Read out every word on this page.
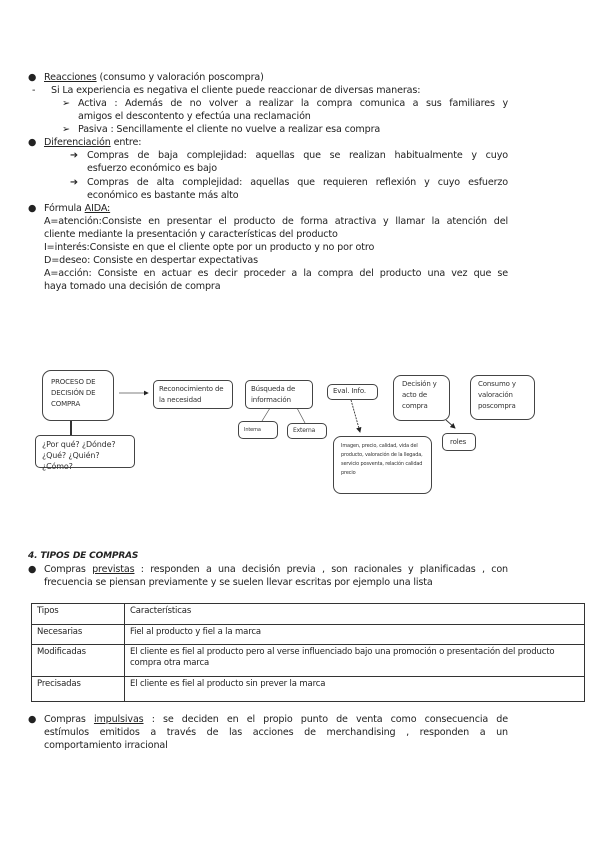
● Reacciones (consumo y valoración poscompra)
- Si La experiencia es negativa el cliente puede reaccionar de diversas maneras:
➢ Activa : Además de no volver a realizar la compra comunica a sus familiares y
amigos el descontento y efectúa una reclamación
➢ Pasiva : Sencillamente el cliente no vuelve a realizar esa compra
● Diferenciación entre:
➔ Compras de baja complejidad: aquellas que se realizan habitualmente y cuyo
esfuerzo económico es bajo
➔ Compras de alta complejidad: aquellas que requieren reflexión y cuyo esfuerzo
económico es bastante más alto
● Fórmula AIDA:
A=atención:Consiste en presentar el producto de forma atractiva y llamar la atención del
cliente mediante la presentación y características del producto
I=interés:Consiste en que el cliente opte por un producto y no por otro
D=deseo: Consiste en despertar expectativas
A=acción: Consiste en actuar es decir proceder a la compra del producto una vez que se
haya tomado una decisión de compra
PROCESO DE DECISIÓN DE COMPRA
¿Por qué? ¿Dónde?
¿Qué? ¿Quién? ¿Cómo?
Reconocimiento de la necesidad
Búsqueda de información
Interna	Externa
Eval. Info.
Decisión y acto de compra
Consumo y valoración poscompra
Imagen, precio, calidad, vida del producto, valoración de la llegada, servicio posventa, relación calidad precio
roles
4. TIPOS DE COMPRAS
● Compras previstas : responden a una decisión previa , son racionales y planificadas , con
frecuencia se piensan previamente y se suelen llevar escritas por ejemplo una lista
Tipos	Características
Necesarias	Fiel al producto y fiel a la marca
Modificadas	El cliente es fiel al producto pero al verse influenciado bajo una promoción o presentación del producto compra otra marca
Precisadas	El cliente es fiel al producto sin prever la marca
● Compras impulsivas : se deciden en el propio punto de venta como consecuencia de
estímulos emitidos a través de las acciones de merchandising , responden a un
comportamiento irracional
